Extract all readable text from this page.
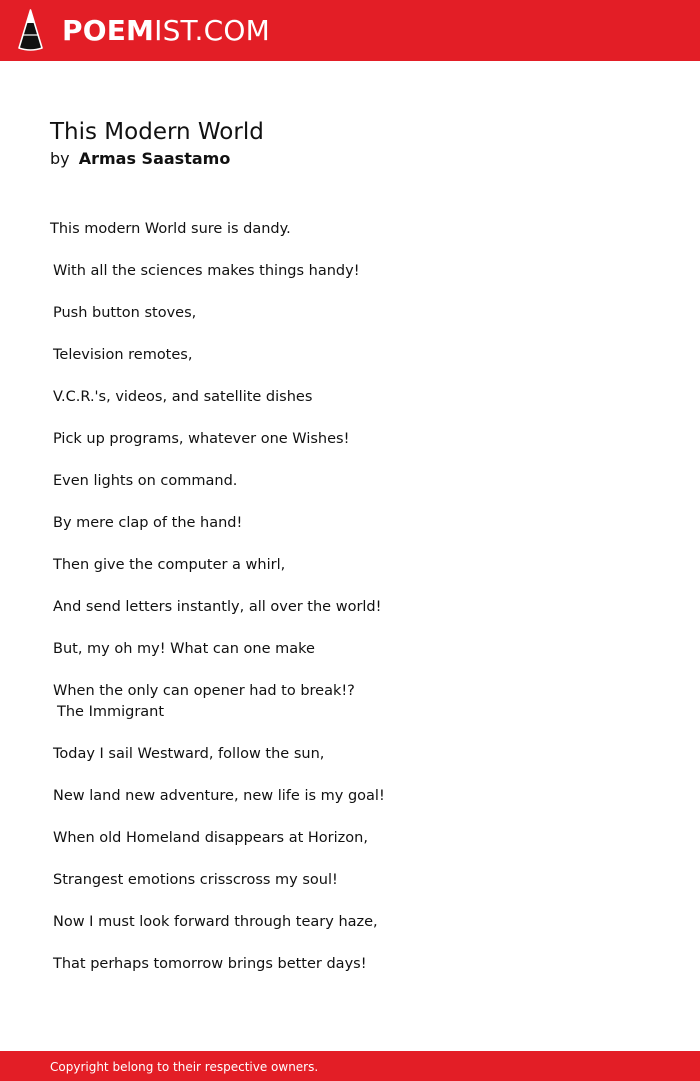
POEMIST.COM
This Modern World
by Armas Saastamo
This modern World sure is dandy.
With all the sciences makes things handy!
Push button stoves,
Television remotes,
V.C.R.'s, videos, and satellite dishes
Pick up programs, whatever one Wishes!
Even lights on command.
By mere clap of the hand!
Then give the computer a whirl,
And send letters instantly, all over the world!
But, my oh my! What can one make
When the only can opener had to break!?
The Immigrant
Today I sail Westward, follow the sun,
New land new adventure, new life is my goal!
When old Homeland disappears at Horizon,
Strangest emotions crisscross my soul!
Now I must look forward through teary haze,
That perhaps tomorrow brings better days!
Copyright belong to their respective owners.
